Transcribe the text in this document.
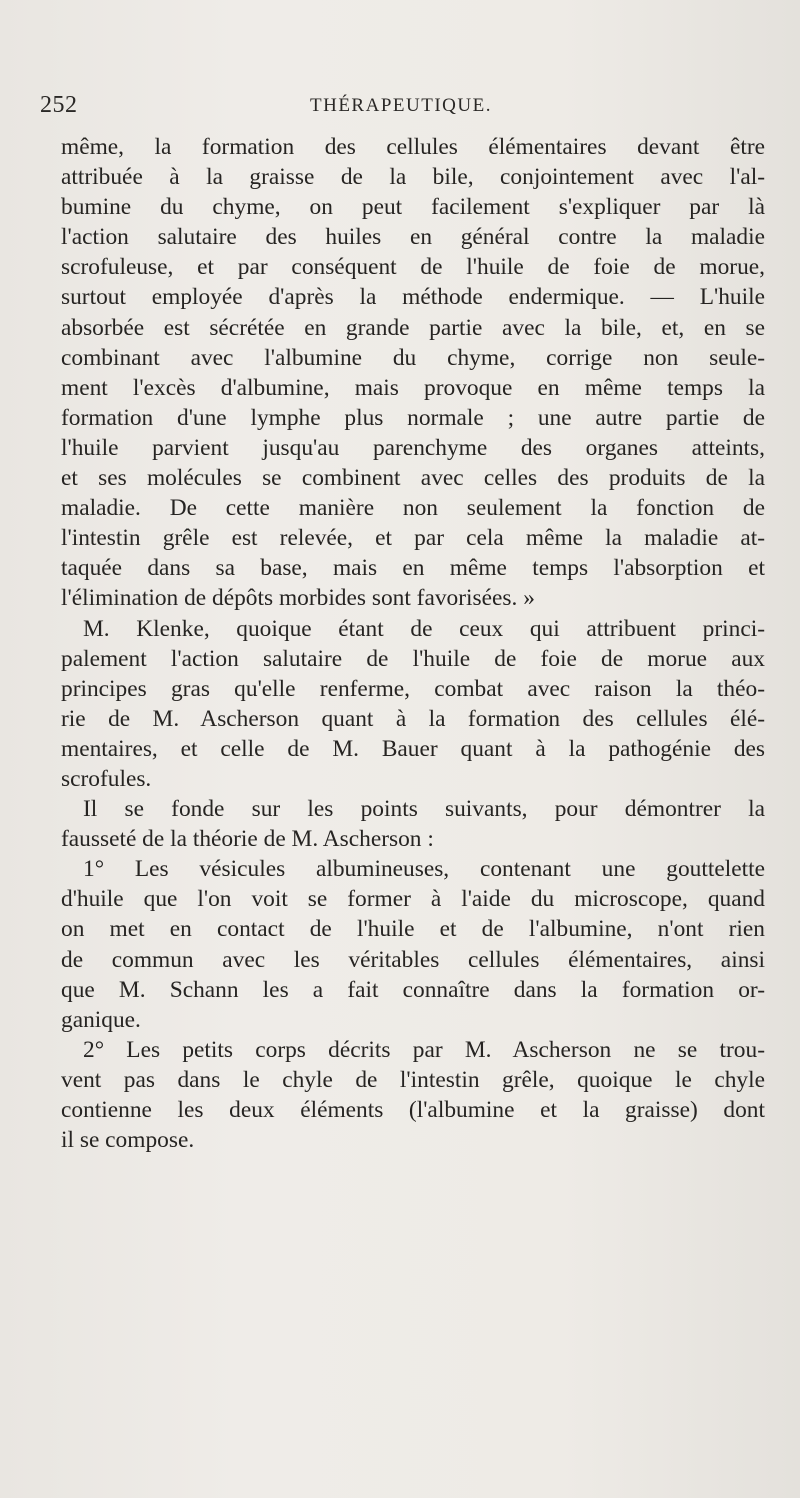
252	THÉRAPEUTIQUE.
même, la formation des cellules élémentaires devant être
attribuée à la graisse de la bile, conjointement avec l'al-
bumine du chyme, on peut facilement s'expliquer par là
l'action salutaire des huiles en général contre la maladie
scrofuleuse, et par conséquent de l'huile de foie de morue,
surtout employée d'après la méthode endermique. — L'huile
absorbée est sécrétée en grande partie avec la bile, et, en se
combinant avec l'albumine du chyme, corrige non seule-
ment l'excès d'albumine, mais provoque en même temps la
formation d'une lymphe plus normale ; une autre partie de
l'huile parvient jusqu'au parenchyme des organes atteints,
et ses molécules se combinent avec celles des produits de la
maladie. De cette manière non seulement la fonction de
l'intestin grêle est relevée, et par cela même la maladie at-
taquée dans sa base, mais en même temps l'absorption et
l'élimination de dépôts morbides sont favorisées. »
M. Klenke, quoique étant de ceux qui attribuent princi-
palement l'action salutaire de l'huile de foie de morue aux
principes gras qu'elle renferme, combat avec raison la théo-
rie de M. Ascherson quant à la formation des cellules élé-
mentaires, et celle de M. Bauer quant à la pathogénie des
scrofules.
Il se fonde sur les points suivants, pour démontrer la
fausseté de la théorie de M. Ascherson :
1° Les vésicules albumineuses, contenant une gouttelette
d'huile que l'on voit se former à l'aide du microscope, quand
on met en contact de l'huile et de l'albumine, n'ont rien
de commun avec les véritables cellules élémentaires, ainsi
que M. Schann les a fait connaître dans la formation or-
ganique.
2° Les petits corps décrits par M. Ascherson ne se trou-
vent pas dans le chyle de l'intestin grêle, quoique le chyle
contienne les deux éléments (l'albumine et la graisse) dont
il se compose.
